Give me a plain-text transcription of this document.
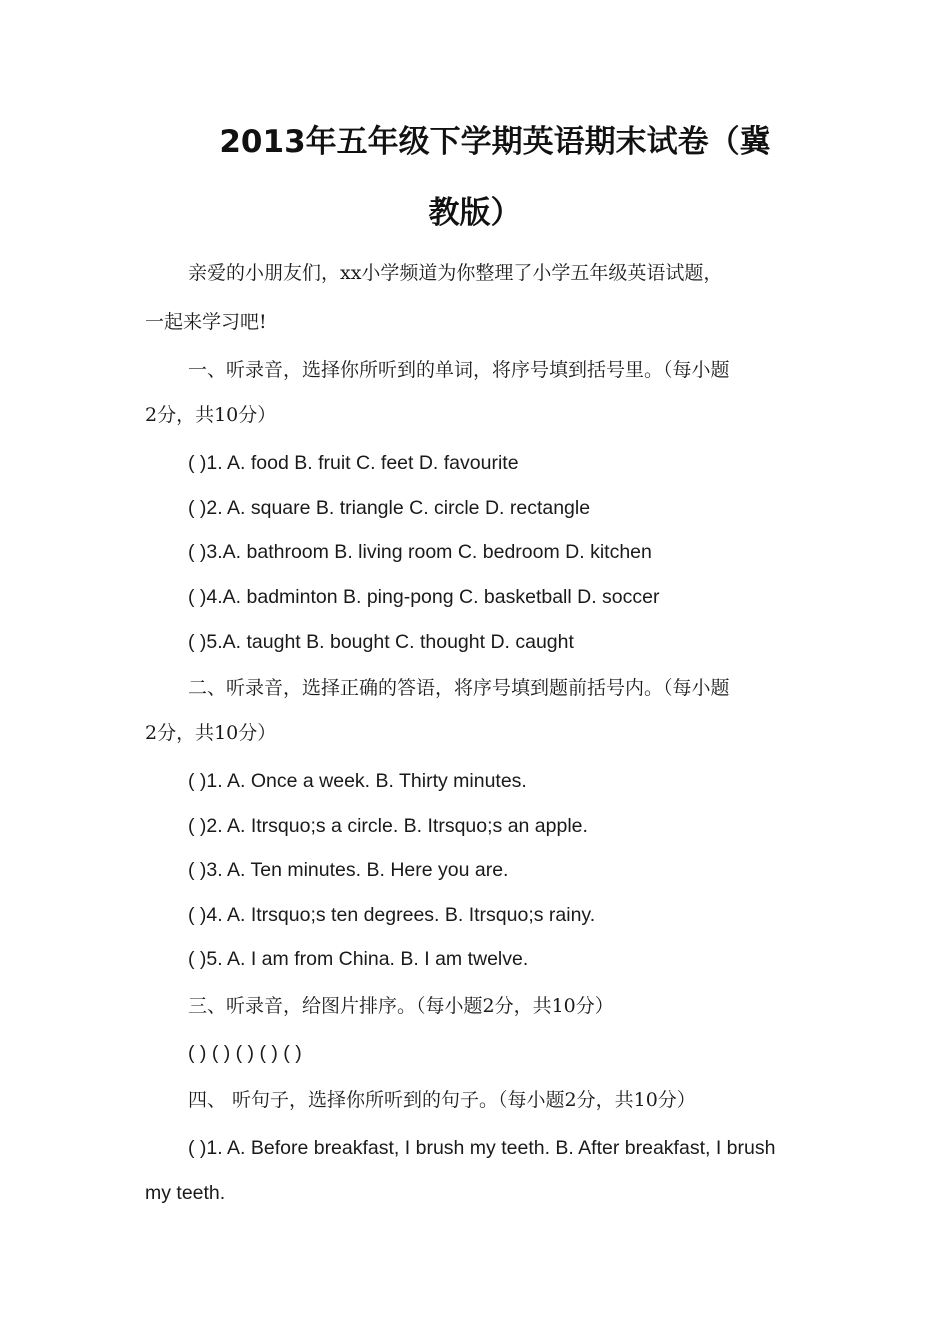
2013年五年级下学期英语期末试卷（冀
教版）
亲爱的小朋友们，xx小学频道为你整理了小学五年级英语试题，
一起来学习吧!
一、听录音，选择你所听到的单词，将序号填到括号里。（每小题
2分，共10分）
( )1. A. food B. fruit C. feet D. favourite
( )2. A. square B. triangle C. circle D. rectangle
( )3.A. bathroom B. living room C. bedroom D. kitchen
( )4.A. badminton B. ping-pong C. basketball D. soccer
( )5.A. taught B. bought C. thought D. caught
二、听录音，选择正确的答语，将序号填到题前括号内。（每小题
2分，共10分）
( )1. A. Once a week. B. Thirty minutes.
( )2. A. Itrsquo;s a circle. B. Itrsquo;s an apple.
( )3. A. Ten minutes. B. Here you are.
( )4. A. Itrsquo;s ten degrees. B. Itrsquo;s rainy.
( )5. A. I am from China. B. I am twelve.
三、听录音，给图片排序。（每小题2分，共10分）
( ) ( ) ( ) ( ) ( )
四、 听句子，选择你所听到的句子。（每小题2分，共10分）
( )1. A. Before breakfast, I brush my teeth. B. After breakfast, I brush
my teeth.
